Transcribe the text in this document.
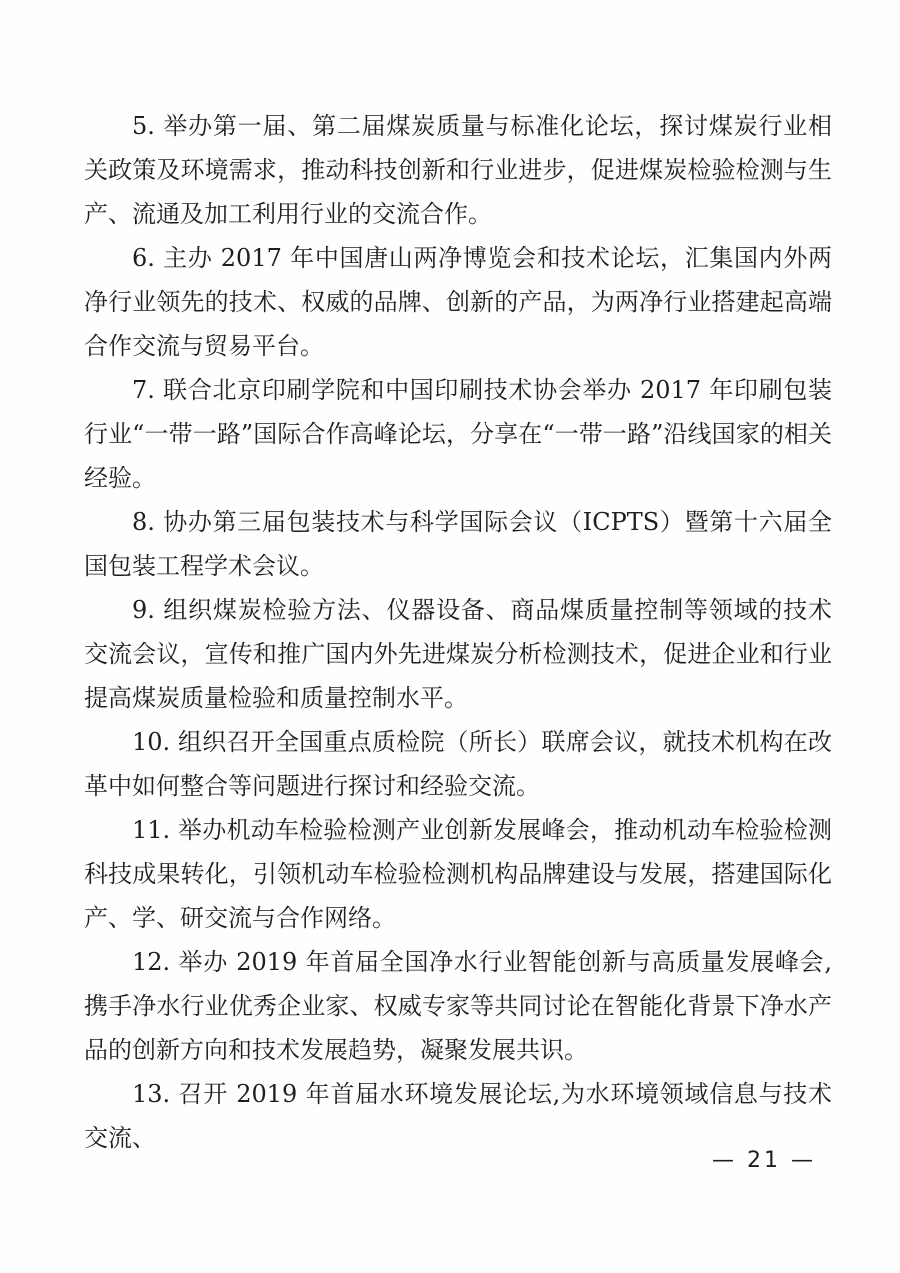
5. 举办第一届、第二届煤炭质量与标准化论坛，探讨煤炭行业相关政策及环境需求，推动科技创新和行业进步，促进煤炭检验检测与生产、流通及加工利用行业的交流合作。

6. 主办 2017 年中国唐山两净博览会和技术论坛，汇集国内外两净行业领先的技术、权威的品牌、创新的产品，为两净行业搭建起高端合作交流与贸易平台。

7. 联合北京印刷学院和中国印刷技术协会举办 2017 年印刷包装行业“一带一路”国际合作高峰论坛，分享在“一带一路”沿线国家的相关经验。

8. 协办第三届包装技术与科学国际会议（ICPTS）暨第十六届全国包装工程学术会议。

9. 组织煤炭检验方法、仪器设备、商品煤质量控制等领域的技术交流会议，宣传和推广国内外先进煤炭分析检测技术，促进企业和行业提高煤炭质量检验和质量控制水平。

10. 组织召开全国重点质检院（所长）联席会议，就技术机构在改革中如何整合等问题进行探讨和经验交流。

11. 举办机动车检验检测产业创新发展峰会，推动机动车检验检测科技成果转化，引领机动车检验检测机构品牌建设与发展，搭建国际化产、学、研交流与合作网络。

12. 举办 2019 年首届全国净水行业智能创新与高质量发展峰会,携手净水行业优秀企业家、权威专家等共同讨论在智能化背景下净水产品的创新方向和技术发展趋势，凝聚发展共识。

13. 召开 2019 年首届水环境发展论坛,为水环境领域信息与技术交流、

— 21 —
